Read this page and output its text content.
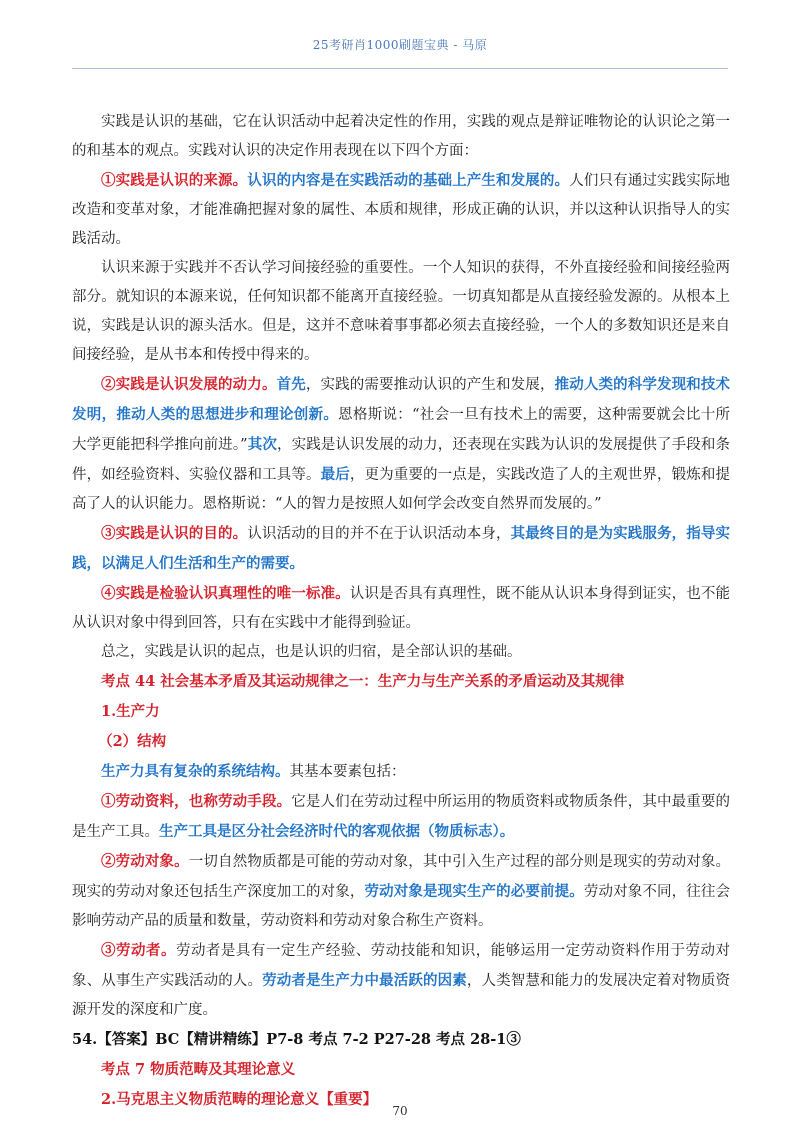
25考研肖1000刷题宝典 - 马原

实践是认识的基础，它在认识活动中起着决定性的作用，实践的观点是辩证唯物论的认识论之第一的和基本的观点。实践对认识的决定作用表现在以下四个方面：

①实践是认识的来源。认识的内容是在实践活动的基础上产生和发展的。人们只有通过实践实际地改造和变革对象，才能准确把握对象的属性、本质和规律，形成正确的认识，并以这种认识指导人的实践活动。

认识来源于实践并不否认学习间接经验的重要性。一个人知识的获得，不外直接经验和间接经验两部分。就知识的本源来说，任何知识都不能离开直接经验。一切真知都是从直接经验发源的。从根本上说，实践是认识的源头活水。但是，这并不意味着事事都必须去直接经验，一个人的多数知识还是来自间接经验，是从书本和传授中得来的。

②实践是认识发展的动力。首先，实践的需要推动认识的产生和发展，推动人类的科学发现和技术发明，推动人类的思想进步和理论创新。恩格斯说：“社会一旦有技术上的需要，这种需要就会比十所大学更能把科学推向前进。”其次，实践是认识发展的动力，还表现在实践为认识的发展提供了手段和条件，如经验资料、实验仪器和工具等。最后，更为重要的一点是，实践改造了人的主观世界，锻炼和提高了人的认识能力。恩格斯说：“人的智力是按照人如何学会改变自然界而发展的。”

③实践是认识的目的。认识活动的目的并不在于认识活动本身，其最终目的是为实践服务，指导实践，以满足人们生活和生产的需要。

④实践是检验认识真理性的唯一标准。认识是否具有真理性，既不能从认识本身得到证实，也不能从认识对象中得到回答，只有在实践中才能得到验证。

总之，实践是认识的起点，也是认识的归宿，是全部认识的基础。

考点 44 社会基本矛盾及其运动规律之一：生产力与生产关系的矛盾运动及其规律

1.生产力

（2）结构

生产力具有复杂的系统结构。其基本要素包括：

①劳动资料，也称劳动手段。它是人们在劳动过程中所运用的物质资料或物质条件，其中最重要的是生产工具。生产工具是区分社会经济时代的客观依据（物质标志）。

②劳动对象。一切自然物质都是可能的劳动对象，其中引入生产过程的部分则是现实的劳动对象。现实的劳动对象还包括生产深度加工的对象，劳动对象是现实生产的必要前提。劳动对象不同，往往会影响劳动产品的质量和数量，劳动资料和劳动对象合称生产资料。

③劳动者。劳动者是具有一定生产经验、劳动技能和知识，能够运用一定劳动资料作用于劳动对象、从事生产实践活动的人。劳动者是生产力中最活跃的因素，人类智慧和能力的发展决定着对物质资源开发的深度和广度。

54.【答案】BC【精讲精练】P7-8 考点 7-2 P27-28 考点 28-1③

考点 7 物质范畴及其理论意义

2.马克思主义物质范畴的理论意义【重要】

70
